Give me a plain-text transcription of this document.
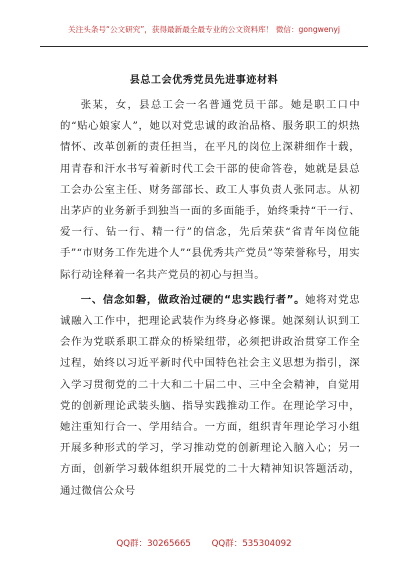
关注头条号“公文研究”，获得最新最全最专业的公文资料库！ 微信：gongwenyj
县总工会优秀党员先进事迹材料

张某，女，县总工会一名普通党员干部。她是职工口中的“贴心娘家人”，她以对党忠诚的政治品格、服务职工的炽热情怀、改革创新的责任担当，在平凡的岗位上深耕细作十载，用青春和汗水书写着新时代工会干部的使命答卷，她就是县总工会办公室主任、财务部部长、政工人事负责人张同志。从初出茅庐的业务新手到独当一面的多面能手，始终秉持“干一行、爱一行、钻一行、精一行”的信念，先后荣获“省青年岗位能手”“市财务工作先进个人”“县优秀共产党员”等荣誉称号，用实际行动诠释着一名共产党员的初心与担当。

一、信念如磐，做政治过硬的“忠实践行者”。她将对党忠诚融入工作中，把理论武装作为终身必修课。她深刻认识到工会作为党联系职工群众的桥梁纽带，必须把讲政治贯穿工作全过程，始终以习近平新时代中国特色社会主义思想为指引，深入学习贯彻党的二十大和二十届二中、三中全会精神，自觉用党的创新理论武装头脑、指导实践推动工作。在理论学习中，她注重知行合一、学用结合。一方面，组织青年理论学习小组开展多种形式的学习，学习推动党的创新理论入脑入心；另一方面，创新学习载体组织开展党的二十大精神知识答题活动，通过微信公众号

QQ群：30265665 QQ群：535304092
